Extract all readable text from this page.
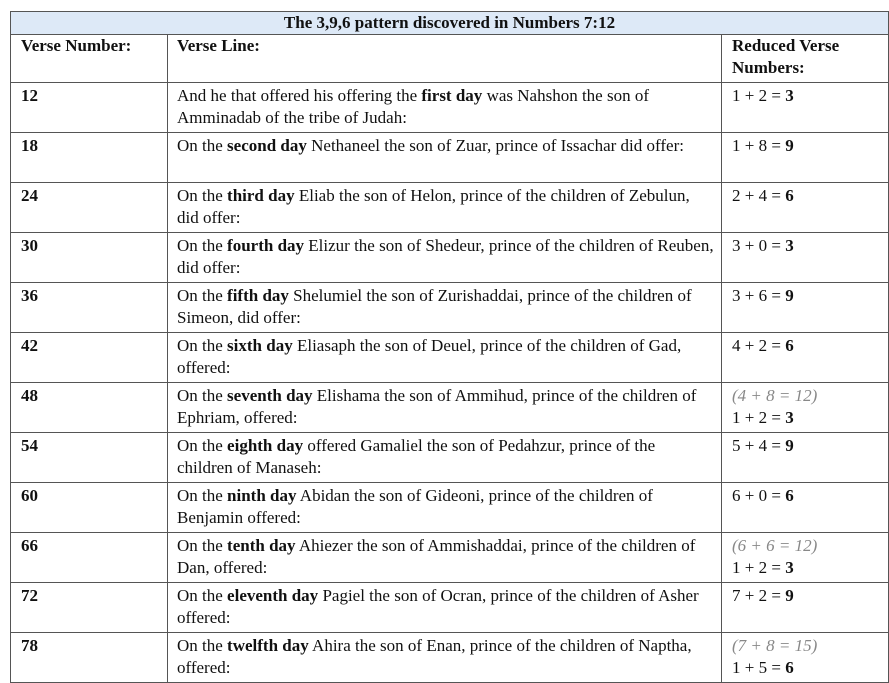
The 3,9,6 pattern discovered in Numbers 7:12		
Verse Number:	Verse Line:	Reduced Verse Numbers:
12	And he that offered his offering the first day was Nahshon the son of Amminadab of the tribe of Judah:	1 + 2 = 3

18	On the second day Nethaneel the son of Zuar, prince of Issachar did offer:	1 + 8 = 9

24	On the third day Eliab the son of Helon, prince of the children of Zebulun, did offer:	2 + 4 = 6

30	On the fourth day Elizur the son of Shedeur, prince of the children of Reuben, did offer:	3 + 0 = 3

36	On the fifth day Shelumiel the son of Zurishaddai, prince of the children of Simeon, did offer:	3 + 6 = 9

42	On the sixth day Eliasaph the son of Deuel, prince of the children of Gad, offered:	4 + 2 = 6

48	On the seventh day Elishama the son of Ammihud, prince of the children of Ephriam, offered:	(4 + 8 = 12)
1 + 2 = 3

54	On the eighth day offered Gamaliel the son of Pedahzur, prince of the children of Manaseh:	5 + 4 = 9

60	On the ninth day Abidan the son of Gideoni, prince of the children of Benjamin offered:	6 + 0 = 6

66	On the tenth day Ahiezer the son of Ammishaddai, prince of the children of Dan, offered:	(6 + 6 = 12)
1 + 2 = 3

72	On the eleventh day Pagiel the son of Ocran, prince of the children of Asher offered:	7 + 2 = 9

78	On the twelfth day Ahira the son of Enan, prince of the children of Naptha, offered:	(7 + 8 = 15)
1 + 5 = 6
